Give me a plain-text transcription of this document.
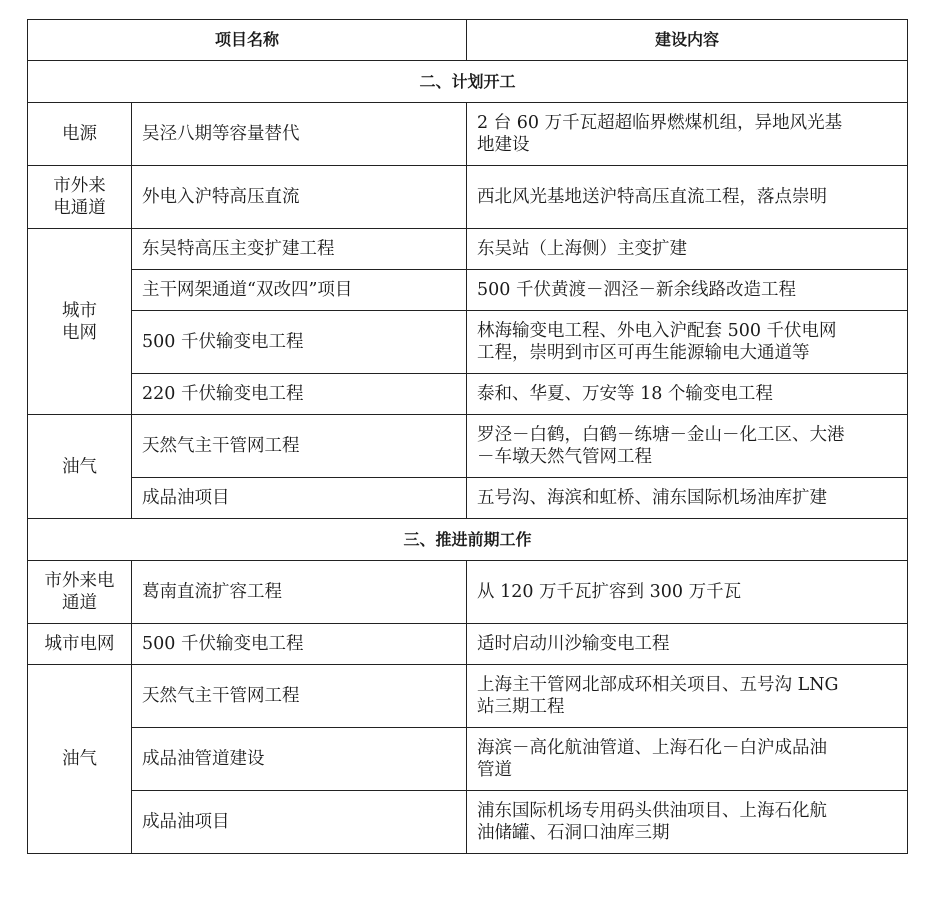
项目名称		建设内容
二、计划开工		

电源	吴泾八期等容量替代	2 台 60 万千瓦超超临界燃煤机组，异地风光基
地建设

市外来
电通道	外电入沪特高压直流	西北风光基地送沪特高压直流工程，落点崇明

城市
电网	东吴特高压主变扩建工程	东吴站（上海侧）主变扩建

	主干网架通道“双改四”项目	500 千伏黄渡－泗泾－新余线路改造工程

	500 千伏输变电工程	林海输变电工程、外电入沪配套 500 千伏电网
工程，崇明到市区可再生能源输电大通道等

	220 千伏输变电工程	泰和、华夏、万安等 18 个输变电工程

油气	天然气主干管网工程	罗泾－白鹤，白鹤－练塘－金山－化工区、大港
－车墩天然气管网工程

	成品油项目	五号沟、海滨和虹桥、浦东国际机场油库扩建

三、推进前期工作		

市外来电
通道	葛南直流扩容工程	从 120 万千瓦扩容到 300 万千瓦

城市电网	500 千伏输变电工程	适时启动川沙输变电工程

油气	天然气主干管网工程	上海主干管网北部成环相关项目、五号沟 LNG
站三期工程

	成品油管道建设	海滨－高化航油管道、上海石化－白沪成品油
管道

	成品油项目	浦东国际机场专用码头供油项目、上海石化航
油储罐、石洞口油库三期
